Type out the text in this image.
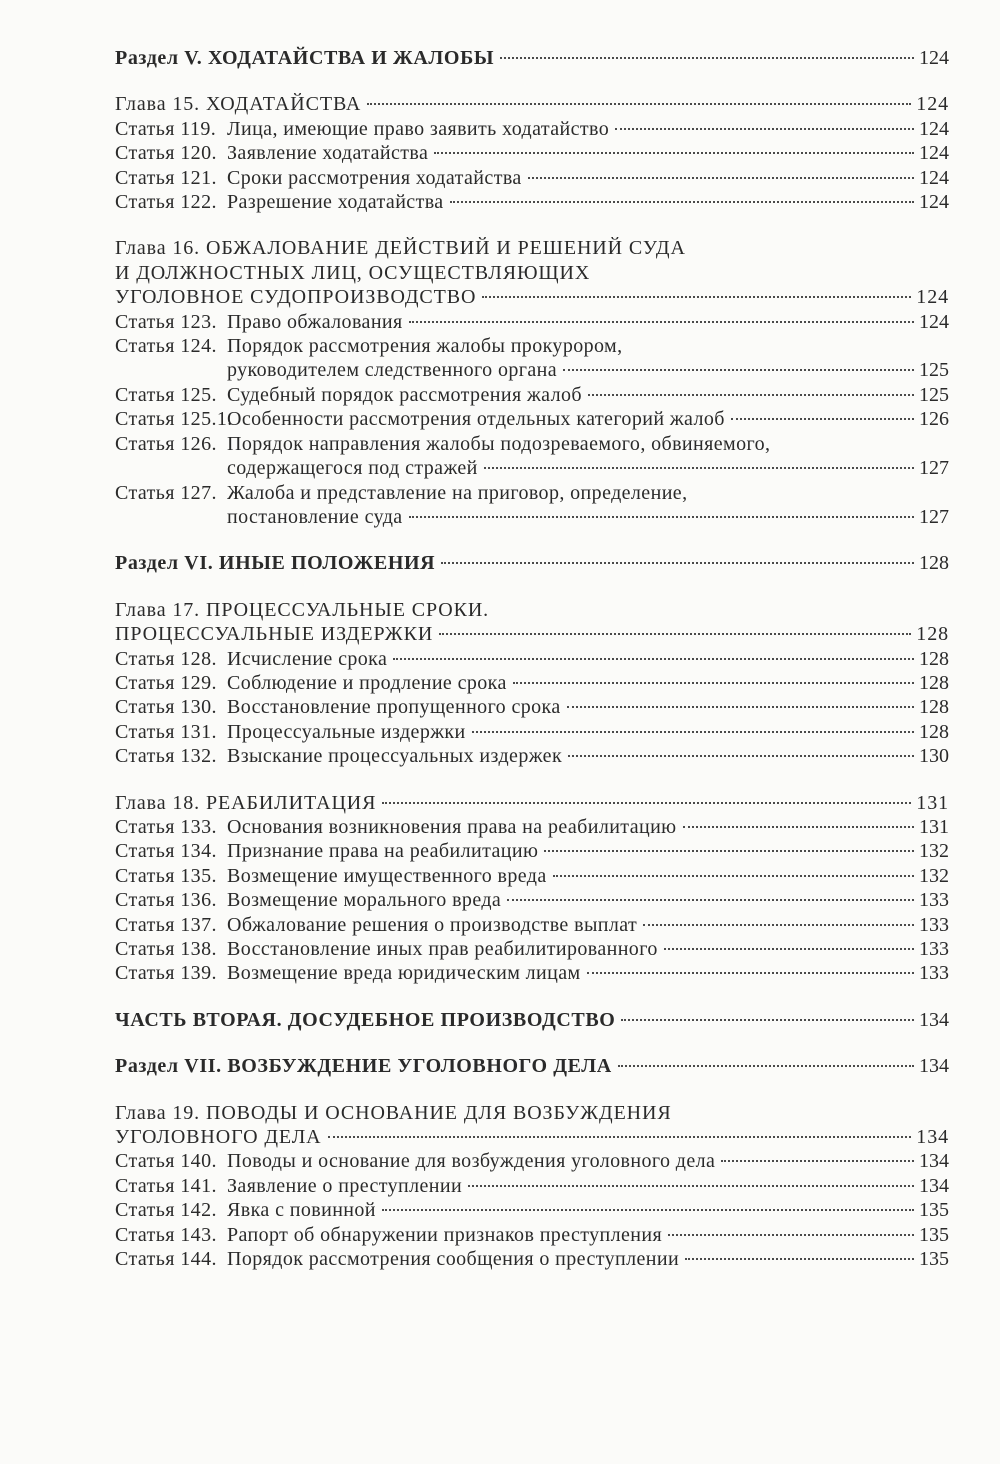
Раздел V. ХОДАТАЙСТВА И ЖАЛОБЫ	124
Глава 15. ХОДАТАЙСТВА	124
Статья 119. Лица, имеющие право заявить ходатайство	124
Статья 120. Заявление ходатайства	124
Статья 121. Сроки рассмотрения ходатайства	124
Статья 122. Разрешение ходатайства	124
Глава 16. ОБЖАЛОВАНИЕ ДЕЙСТВИЙ И РЕШЕНИЙ СУДА
И ДОЛЖНОСТНЫХ ЛИЦ, ОСУЩЕСТВЛЯЮЩИХ
УГОЛОВНОЕ СУДОПРОИЗВОДСТВО	124
Статья 123. Право обжалования	124
Статья 124. Порядок рассмотрения жалобы прокурором,
руководителем следственного органа	125
Статья 125. Судебный порядок рассмотрения жалоб	125
Статья 125.1.
Особенности рассмотрения отдельных категорий жалоб	126
Статья 126. Порядок направления жалобы подозреваемого, обвиняемого,
содержащегося под стражей	127
Статья 127. Жалоба и представление на приговор, определение,
постановление суда	127
Раздел VI. ИНЫЕ ПОЛОЖЕНИЯ	128
Глава 17. ПРОЦЕССУАЛЬНЫЕ СРОКИ.
ПРОЦЕССУАЛЬНЫЕ ИЗДЕРЖКИ	128
Статья 128. Исчисление срока	128
Статья 129. Соблюдение и продление срока	128
Статья 130. Восстановление пропущенного срока	128
Статья 131. Процессуальные издержки	128
Статья 132. Взыскание процессуальных издержек	130
Глава 18. РЕАБИЛИТАЦИЯ	131
Статья 133. Основания возникновения права на реабилитацию	131
Статья 134. Признание права на реабилитацию	132
Статья 135. Возмещение имущественного вреда	132
Статья 136. Возмещение морального вреда	133
Статья 137. Обжалование решения о производстве выплат	133
Статья 138. Восстановление иных прав реабилитированного	133
Статья 139. Возмещение вреда юридическим лицам	133
ЧАСТЬ ВТОРАЯ. ДОСУДЕБНОЕ ПРОИЗВОДСТВО	134
Раздел VII. ВОЗБУЖДЕНИЕ УГОЛОВНОГО ДЕЛА	134
Глава 19. ПОВОДЫ И ОСНОВАНИЕ ДЛЯ ВОЗБУЖДЕНИЯ
УГОЛОВНОГО ДЕЛА	134
Статья 140. Поводы и основание для возбуждения уголовного дела	134
Статья 141. Заявление о преступлении	134
Статья 142. Явка с повинной	135
Статья 143. Рапорт об обнаружении признаков преступления	135
Статья 144. Порядок рассмотрения сообщения о преступлении	135
